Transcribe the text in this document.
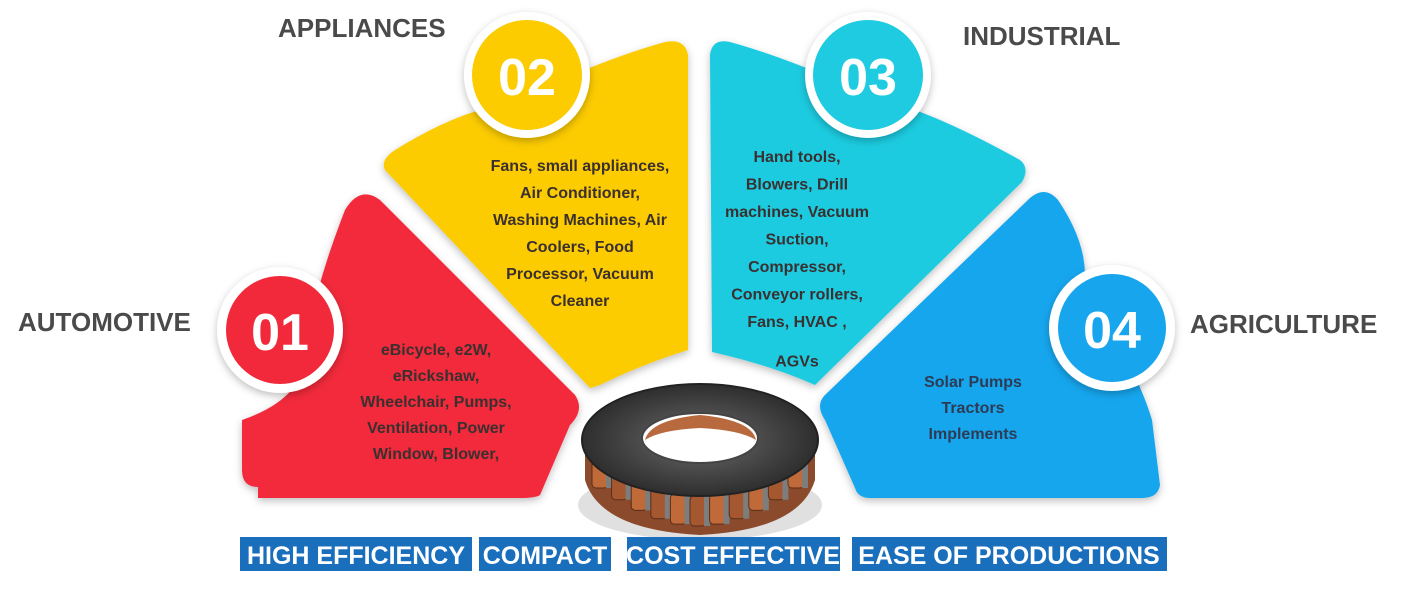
01
AUTOMOTIVE
eBicycle, e2W,
eRickshaw,
Wheelchair, Pumps,
Ventilation, Power
Window, Blower,
02
APPLIANCES
Fans, small appliances,
Air Conditioner,
Washing Machines, Air
Coolers, Food
Processor, Vacuum
Cleaner
03
INDUSTRIAL
Hand tools,
Blowers, Drill
machines, Vacuum
Suction,
Compressor,
Conveyor rollers,
Fans, HVAC ,
AGVs
04 AGRICULTURE
Solar Pumps
Tractors
Implements
HIGH EFFICIENCY COMPACT COST EFFECTIVE EASE OF PRODUCTIONS
